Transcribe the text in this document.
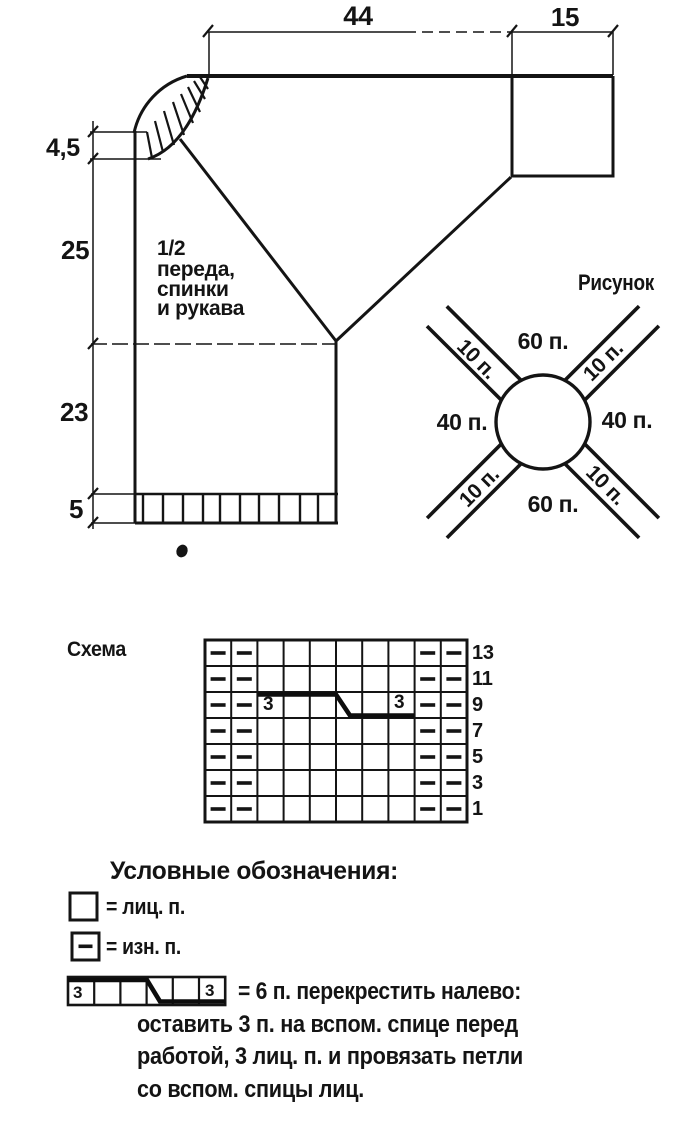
44	15
4,5
25
23
5
1/2
переда,
спинки
и рукава
Рисунок
60 п.
60 п.
40 п.	40 п.
10 п.	10 п.
10 п.	10 п.
Схема
3	3
13
11
9
7
5
3
1
Условные обозначения:
= лиц. п.
= изн. п.
3	3 = 6 п. перекрестить налево:
оставить 3 п. на вспом. спице перед
работой, 3 лиц. п. и провязать петли
со вспом. спицы лиц.
